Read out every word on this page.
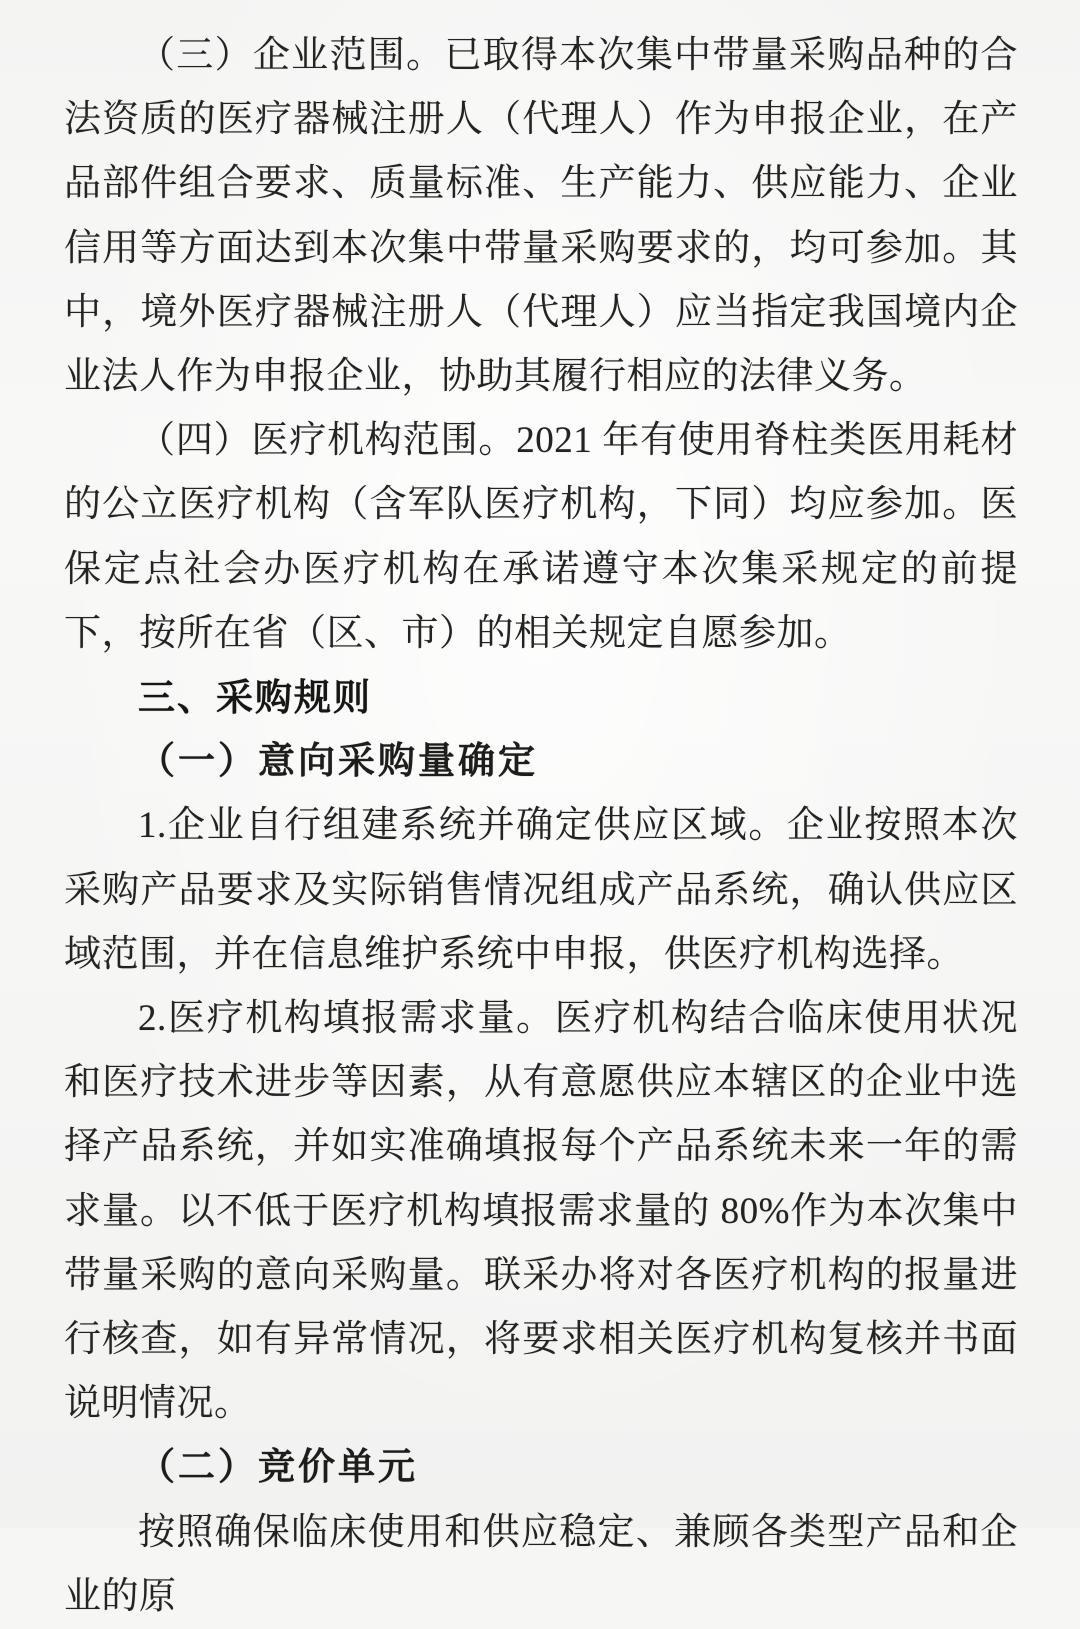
（三）企业范围。已取得本次集中带量采购品种的合法资质的医疗器械注册人（代理人）作为申报企业，在产品部件组合要求、质量标准、生产能力、供应能力、企业信用等方面达到本次集中带量采购要求的，均可参加。其中，境外医疗器械注册人（代理人）应当指定我国境内企业法人作为申报企业，协助其履行相应的法律义务。

（四）医疗机构范围。2021 年有使用脊柱类医用耗材的公立医疗机构（含军队医疗机构，下同）均应参加。医保定点社会办医疗机构在承诺遵守本次集采规定的前提下，按所在省（区、市）的相关规定自愿参加。

三、采购规则

（一）意向采购量确定

1.企业自行组建系统并确定供应区域。企业按照本次采购产品要求及实际销售情况组成产品系统，确认供应区域范围，并在信息维护系统中申报，供医疗机构选择。

2.医疗机构填报需求量。医疗机构结合临床使用状况和医疗技术进步等因素，从有意愿供应本辖区的企业中选择产品系统，并如实准确填报每个产品系统未来一年的需求量。以不低于医疗机构填报需求量的 80%作为本次集中带量采购的意向采购量。联采办将对各医疗机构的报量进行核查，如有异常情况，将要求相关医疗机构复核并书面说明情况。

（二）竞价单元

按照确保临床使用和供应稳定、兼顾各类型产品和企业的原
